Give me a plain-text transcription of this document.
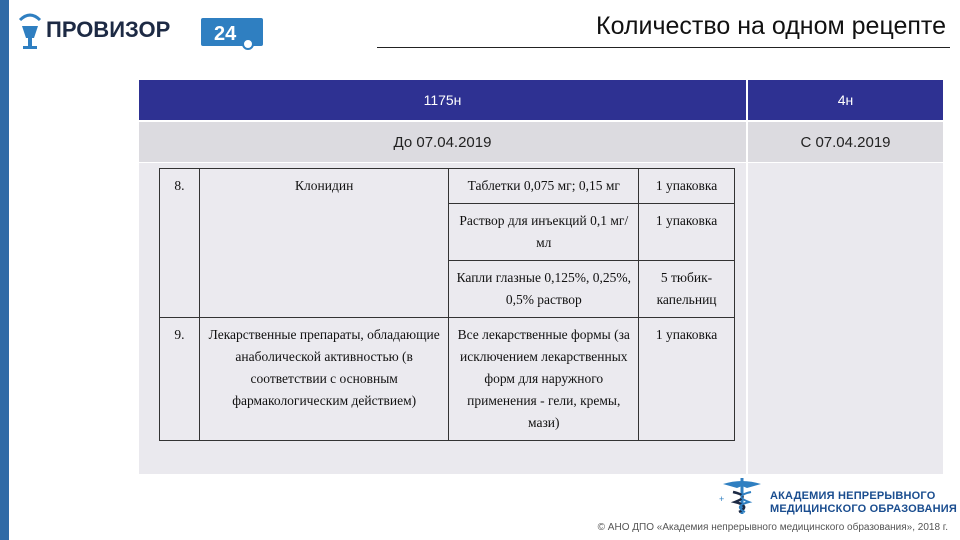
ПРОВИЗОР 24	Количество на одном рецепте
1175н	4н
До 07.04.2019	С 07.04.2019
8.	Клонидин	Таблетки 0,075 мг; 0,15 мг	1 упаковка
		Раствор для инъекций 0,1 мг/мл	1 упаковка
		Капли глазные 0,125%, 0,25%, 0,5% раствор	5 тюбик-капельниц
9.	Лекарственные препараты, обладающие анаболической активностью (в соответствии с основным фармакологическим действием)	Все лекарственные формы (за исключением лекарственных форм для наружного применения - гели, кремы, мази)	1 упаковка
+	АКАДЕМИЯ НЕПРЕРЫВНОГО
МЕДИЦИНСКОГО ОБРАЗОВАНИЯ
© АНО ДПО «Академия непрерывного медицинского образования», 2018 г.
